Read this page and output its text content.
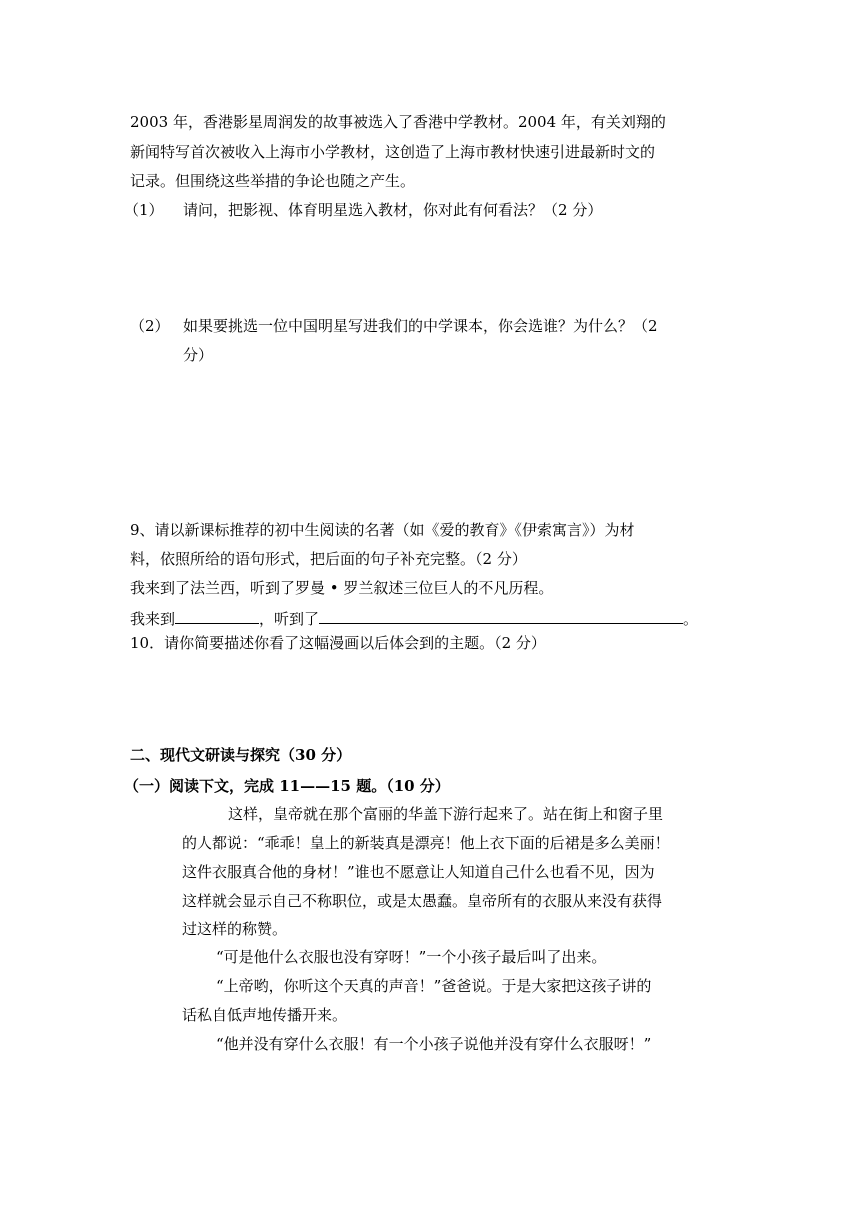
2003 年，香港影星周润发的故事被选入了香港中学教材。2004 年，有关刘翔的
新闻特写首次被收入上海市小学教材，这创造了上海市教材快速引进最新时文的
记录。但围绕这些举措的争论也随之产生。
（1） 请问，把影视、体育明星选入教材，你对此有何看法？（2 分）
（2） 如果要挑选一位中国明星写进我们的中学课本，你会选谁？为什么？（2
分）
9、请以新课标推荐的初中生阅读的名著（如《爱的教育》《伊索寓言》）为材
料，依照所给的语句形式，把后面的句子补充完整。（2 分）
我来到了法兰西，听到了罗曼 • 罗兰叙述三位巨人的不凡历程。
我来到	，听到了	。
10．请你简要描述你看了这幅漫画以后体会到的主题。（2 分）
二、现代文研读与探究（30 分）
（一）阅读下文，完成 11——15 题。（10 分）
这样，皇帝就在那个富丽的华盖下游行起来了。站在街上和窗子里
的人都说：“乖乖！皇上的新装真是漂亮！他上衣下面的后裙是多么美丽！
这件衣服真合他的身材！”谁也不愿意让人知道自己什么也看不见，因为
这样就会显示自己不称职位，或是太愚蠢。皇帝所有的衣服从来没有获得
过这样的称赞。
“可是他什么衣服也没有穿呀！”一个小孩子最后叫了出来。
“上帝哟，你听这个天真的声音！”爸爸说。于是大家把这孩子讲的
话私自低声地传播开来。
“他并没有穿什么衣服！有一个小孩子说他并没有穿什么衣服呀！”
